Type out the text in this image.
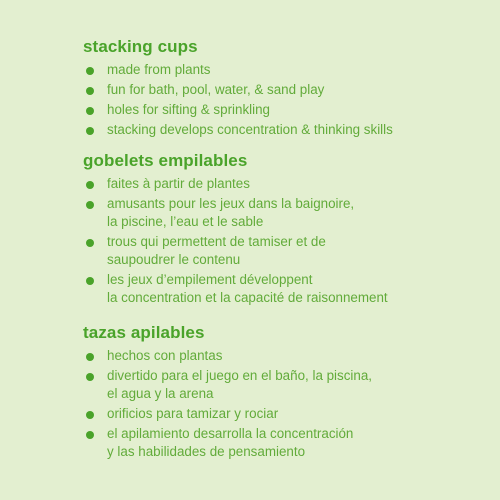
stacking cups
made from plants
fun for bath, pool, water, & sand play
holes for sifting & sprinkling
stacking develops concentration & thinking skills
gobelets empilables
faites à partir de plantes
amusants pour les jeux dans la baignoire,
la piscine, l’eau et le sable
trous qui permettent de tamiser et de
saupoudrer le contenu
les jeux d’empilement développent
la concentration et la capacité de raisonnement
tazas apilables
hechos con plantas
divertido para el juego en el baño, la piscina,
el agua y la arena
orificios para tamizar y rociar
el apilamiento desarrolla la concentración
y las habilidades de pensamiento
